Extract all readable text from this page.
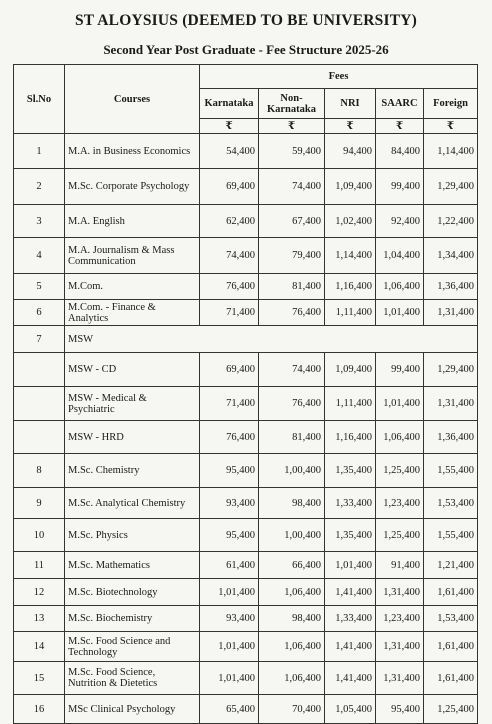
ST ALOYSIUS (DEEMED TO BE UNIVERSITY)
Second Year Post Graduate - Fee Structure 2025-26
Sl.No	Courses	Fees				
		Karnataka	Non-
Karnataka	NRI	SAARC	Foreign
		₹	₹	₹	₹	₹
1	M.A. in Business Economics	54,400	59,400	94,400	84,400	1,14,400
2	M.Sc. Corporate Psychology	69,400	74,400	1,09,400	99,400	1,29,400
3	M.A. English	62,400	67,400	1,02,400	92,400	1,22,400
4	M.A. Journalism & Mass Communication	74,400	79,400	1,14,400	1,04,400	1,34,400
5	M.Com.	76,400	81,400	1,16,400	1,06,400	1,36,400
6	M.Com. - Finance & Analytics	71,400	76,400	1,11,400	1,01,400	1,31,400
7	MSW					
	MSW - CD	69,400	74,400	1,09,400	99,400	1,29,400
	MSW - Medical & Psychiatric	71,400	76,400	1,11,400	1,01,400	1,31,400
	MSW - HRD	76,400	81,400	1,16,400	1,06,400	1,36,400
8	M.Sc. Chemistry	95,400	1,00,400	1,35,400	1,25,400	1,55,400
9	M.Sc. Analytical Chemistry	93,400	98,400	1,33,400	1,23,400	1,53,400
10	M.Sc. Physics	95,400	1,00,400	1,35,400	1,25,400	1,55,400
11	M.Sc. Mathematics	61,400	66,400	1,01,400	91,400	1,21,400
12	M.Sc. Biotechnology	1,01,400	1,06,400	1,41,400	1,31,400	1,61,400
13	M.Sc. Biochemistry	93,400	98,400	1,33,400	1,23,400	1,53,400
14	M.Sc. Food Science and Technology	1,01,400	1,06,400	1,41,400	1,31,400	1,61,400
15	M.Sc. Food Science, Nutrition & Dietetics	1,01,400	1,06,400	1,41,400	1,31,400	1,61,400
16	MSc Clinical Psychology	65,400	70,400	1,05,400	95,400	1,25,400
